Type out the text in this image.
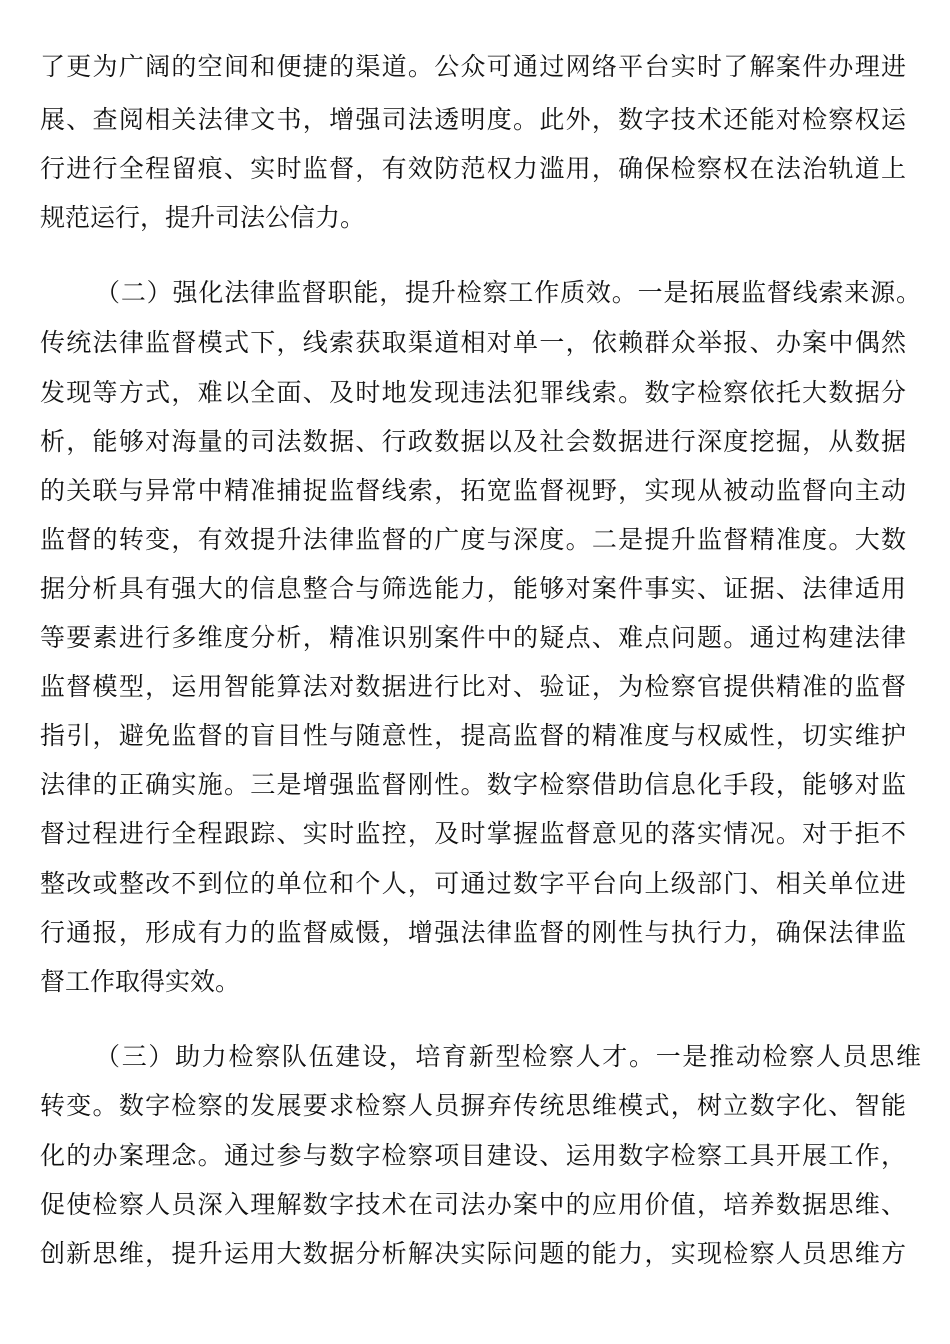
了更为广阔的空间和便捷的渠道。公众可通过网络平台实时了解案件办理进
展、查阅相关法律文书，增强司法透明度。此外，数字技术还能对检察权运
行进行全程留痕、实时监督，有效防范权力滥用，确保检察权在法治轨道上
规范运行，提升司法公信力。
（二）强化法律监督职能，提升检察工作质效。一是拓展监督线索来源。
传统法律监督模式下，线索获取渠道相对单一，依赖群众举报、办案中偶然
发现等方式，难以全面、及时地发现违法犯罪线索。数字检察依托大数据分
析，能够对海量的司法数据、行政数据以及社会数据进行深度挖掘，从数据
的关联与异常中精准捕捉监督线索，拓宽监督视野，实现从被动监督向主动
监督的转变，有效提升法律监督的广度与深度。二是提升监督精准度。大数
据分析具有强大的信息整合与筛选能力，能够对案件事实、证据、法律适用
等要素进行多维度分析，精准识别案件中的疑点、难点问题。通过构建法律
监督模型，运用智能算法对数据进行比对、验证，为检察官提供精准的监督
指引，避免监督的盲目性与随意性，提高监督的精准度与权威性，切实维护
法律的正确实施。三是增强监督刚性。数字检察借助信息化手段，能够对监
督过程进行全程跟踪、实时监控，及时掌握监督意见的落实情况。对于拒不
整改或整改不到位的单位和个人，可通过数字平台向上级部门、相关单位进
行通报，形成有力的监督威慑，增强法律监督的刚性与执行力，确保法律监
督工作取得实效。
（三）助力检察队伍建设，培育新型检察人才。一是推动检察人员思维
转变。数字检察的发展要求检察人员摒弃传统思维模式，树立数字化、智能
化的办案理念。通过参与数字检察项目建设、运用数字检察工具开展工作，
促使检察人员深入理解数字技术在司法办案中的应用价值，培养数据思维、
创新思维，提升运用大数据分析解决实际问题的能力，实现检察人员思维方
